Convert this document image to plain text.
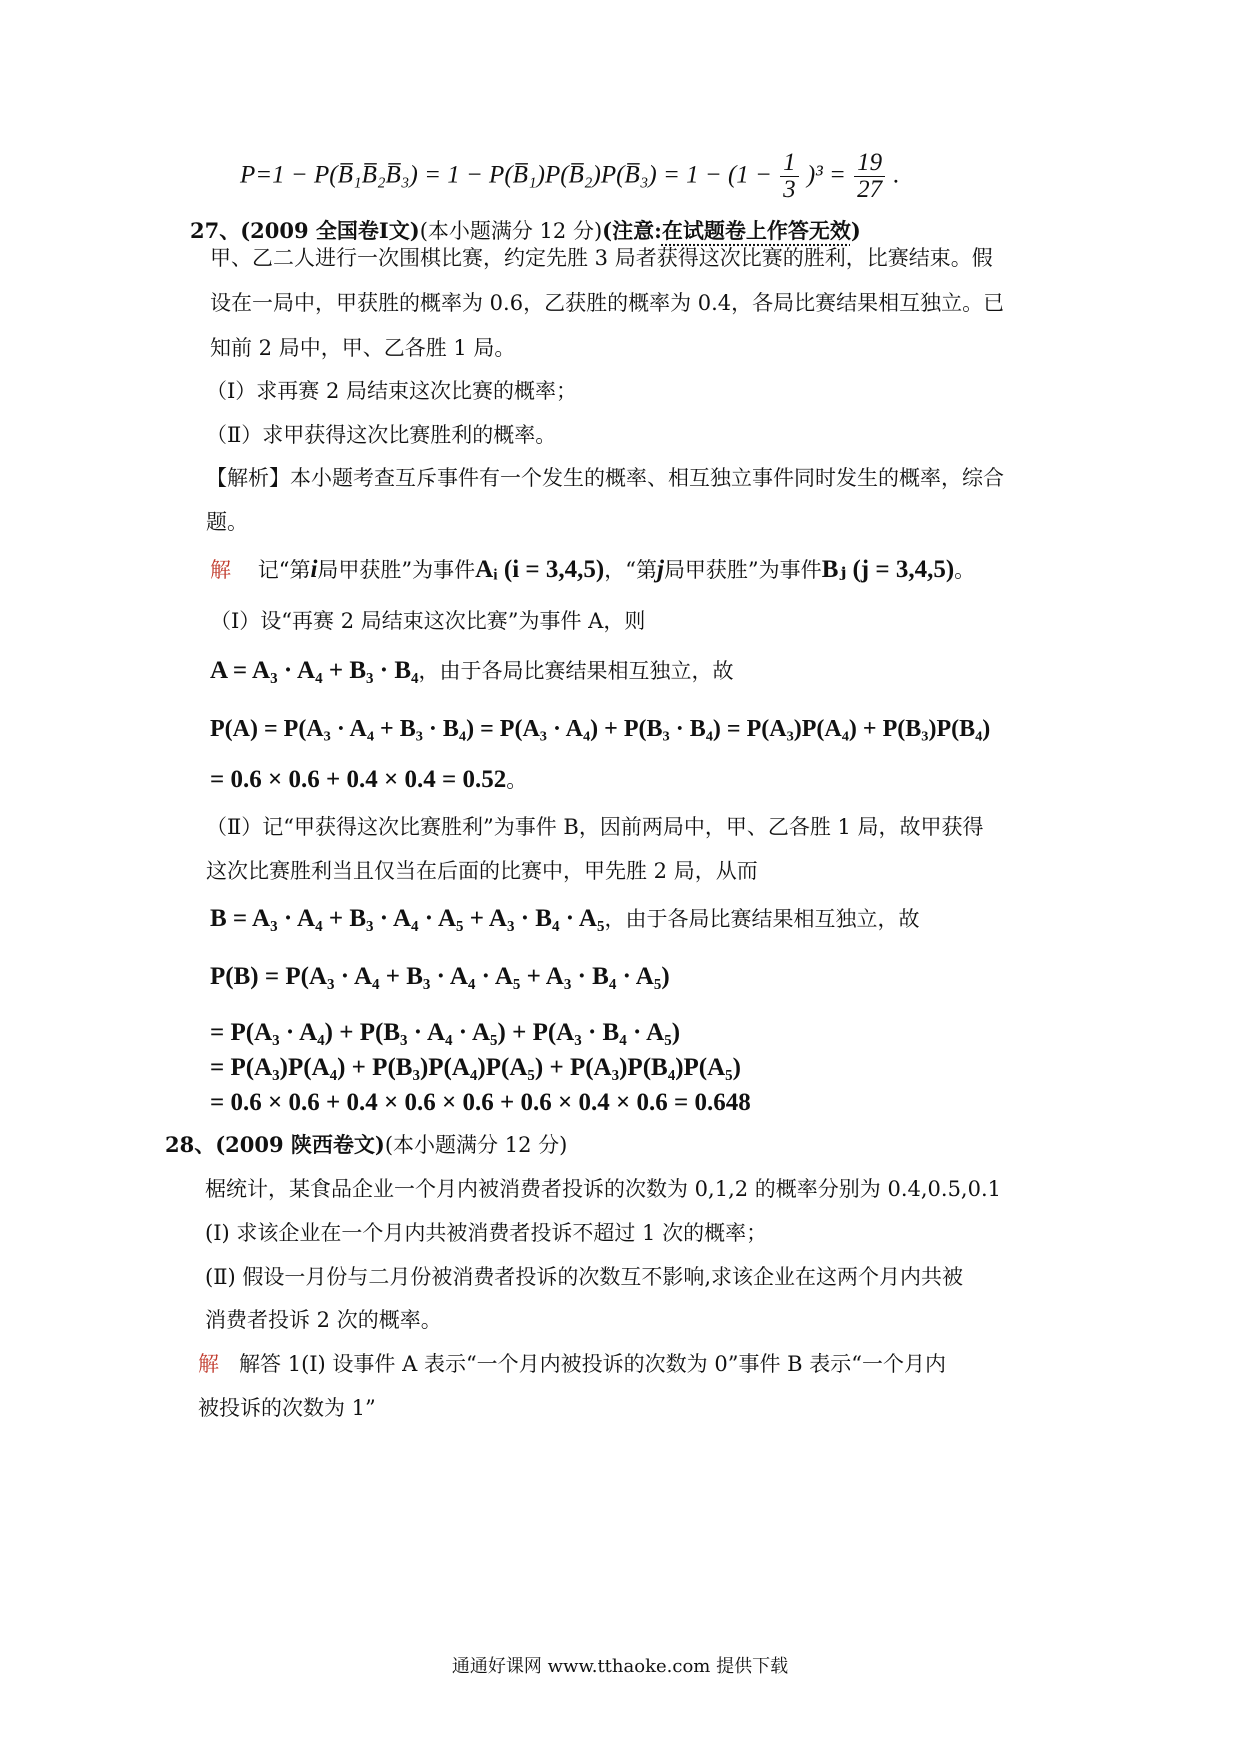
P=1 − P(B̅₁B̅₂B̅₃) = 1 − P(B̅₁)P(B̅₂)P(B̅₃) = $1 - (1 - \frac{1}{3} )^3 = \frac{19}{27}$ .
27、(2009 全国卷Ⅰ文)(本小题满分 12 分)(注意:在试题卷上作答无效)
甲、乙二人进行一次围棋比赛，约定先胜 3 局者获得这次比赛的胜利，比赛结束。假
设在一局中，甲获胜的概率为 0.6，乙获胜的概率为 0.4，各局比赛结果相互独立。已
知前 2 局中，甲、乙各胜 1 局。
（Ⅰ）求再赛 2 局结束这次比赛的概率；
（Ⅱ）求甲获得这次比赛胜利的概率。
【解析】本小题考查互斥事件有一个发生的概率、相互独立事件同时发生的概率，综合
题。
解 记“第i局甲获胜”为事件Aᵢ (i = 3,4,5)，“第j局甲获胜”为事件Bⱼ (j = 3,4,5)。
（Ⅰ）设“再赛 2 局结束这次比赛”为事件 A，则
A = A₃ · A₄ + B₃ · B₄，由于各局比赛结果相互独立，故
P(A) = P(A₃ · A₄ + B₃ · B₄) = P(A₃ · A₄) + P(B₃ · B₄) = P(A₃)P(A₄) + P(B₃)P(B₄)
= 0.6 × 0.6 + 0.4 × 0.4 = 0.52。
（Ⅱ）记“甲获得这次比赛胜利”为事件 B，因前两局中，甲、乙各胜 1 局，故甲获得
这次比赛胜利当且仅当在后面的比赛中，甲先胜 2 局，从而
B = A₃ · A₄ + B₃ · A₄ · A₅ + A₃ · B₄ · A₅，由于各局比赛结果相互独立，故
P(B) = P(A₃ · A₄ + B₃ · A₄ · A₅ + A₃ · B₄ · A₅)
= P(A₃ · A₄) + P(B₃ · A₄ · A₅) + P(A₃ · B₄ · A₅)
= P(A₃)P(A₄) + P(B₃)P(A₄)P(A₅) + P(A₃)P(B₄)P(A₅)
= 0.6 × 0.6 + 0.4 × 0.6 × 0.6 + 0.6 × 0.4 × 0.6 = 0.648
28、(2009 陕西卷文)(本小题满分 12 分)
椐统计，某食品企业一个月内被消费者投诉的次数为 0,1,2 的概率分别为 0.4,0.5,0.1
(Ⅰ) 求该企业在一个月内共被消费者投诉不超过 1 次的概率；
(Ⅱ) 假设一月份与二月份被消费者投诉的次数互不影响,求该企业在这两个月内共被
消费者投诉 2 次的概率。
解 解答 1(Ⅰ) 设事件 A 表示“一个月内被投诉的次数为 0”事件 B 表示“一个月内
被投诉的次数为 1”
通通好课网 www.tthaoke.com 提供下载
